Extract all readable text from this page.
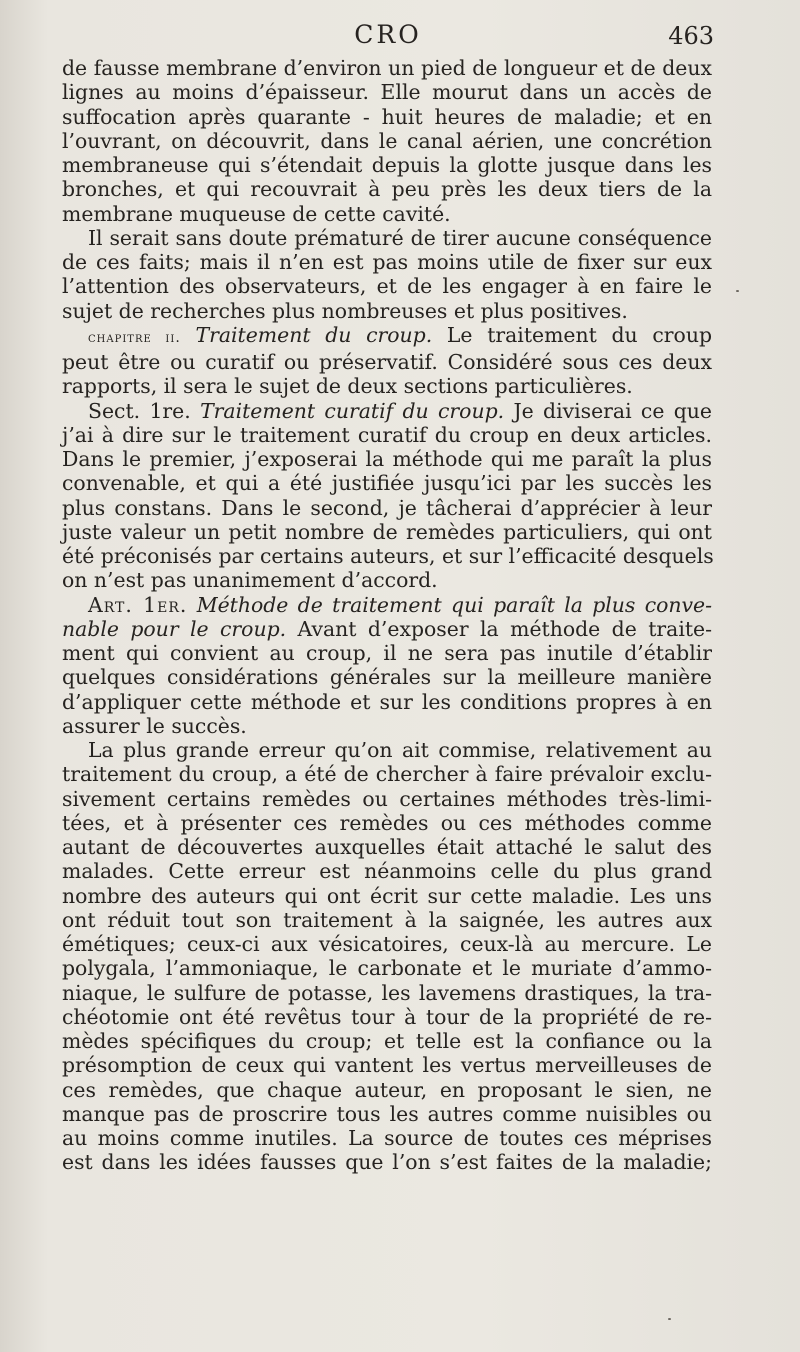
CRO	463
de fausse membrane d’environ un pied de longueur et de deux
lignes au moins d’épaisseur. Elle mourut dans un accès de
suffocation après quarante - huit heures de maladie; et en
l’ouvrant, on découvrit, dans le canal aérien, une concrétion
membraneuse qui s’étendait depuis la glotte jusque dans les
bronches, et qui recouvrait à peu près les deux tiers de la
membrane muqueuse de cette cavité.
Il serait sans doute prématuré de tirer aucune conséquence
de ces faits; mais il n’en est pas moins utile de fixer sur eux
l’attention des observateurs, et de les engager à en faire le
sujet de recherches plus nombreuses et plus positives.
chapitre ii. Traitement du croup. Le traitement du croup
peut être ou curatif ou préservatif. Considéré sous ces deux
rapports, il sera le sujet de deux sections particulières.
Sect. 1re. Traitement curatif du croup. Je diviserai ce que
j’ai à dire sur le traitement curatif du croup en deux articles.
Dans le premier, j’exposerai la méthode qui me paraît la plus
convenable, et qui a été justifiée jusqu’ici par les succès les
plus constans. Dans le second, je tâcherai d’apprécier à leur
juste valeur un petit nombre de remèdes particuliers, qui ont
été préconisés par certains auteurs, et sur l’efficacité desquels
on n’est pas unanimement d’accord.
Art. 1er. Méthode de traitement qui paraît la plus conve-
nable pour le croup. Avant d’exposer la méthode de traite-
ment qui convient au croup, il ne sera pas inutile d’établir
quelques considérations générales sur la meilleure manière
d’appliquer cette méthode et sur les conditions propres à en
assurer le succès.
La plus grande erreur qu’on ait commise, relativement au
traitement du croup, a été de chercher à faire prévaloir exclu-
sivement certains remèdes ou certaines méthodes très-limi-
tées, et à présenter ces remèdes ou ces méthodes comme
autant de découvertes auxquelles était attaché le salut des
malades. Cette erreur est néanmoins celle du plus grand
nombre des auteurs qui ont écrit sur cette maladie. Les uns
ont réduit tout son traitement à la saignée, les autres aux
émétiques; ceux-ci aux vésicatoires, ceux-là au mercure. Le
polygala, l’ammoniaque, le carbonate et le muriate d’ammo-
niaque, le sulfure de potasse, les lavemens drastiques, la tra-
chéotomie ont été revêtus tour à tour de la propriété de re-
mèdes spécifiques du croup; et telle est la confiance ou la
présomption de ceux qui vantent les vertus merveilleuses de
ces remèdes, que chaque auteur, en proposant le sien, ne
manque pas de proscrire tous les autres comme nuisibles ou
au moins comme inutiles. La source de toutes ces méprises
est dans les idées fausses que l’on s’est faites de la maladie;
